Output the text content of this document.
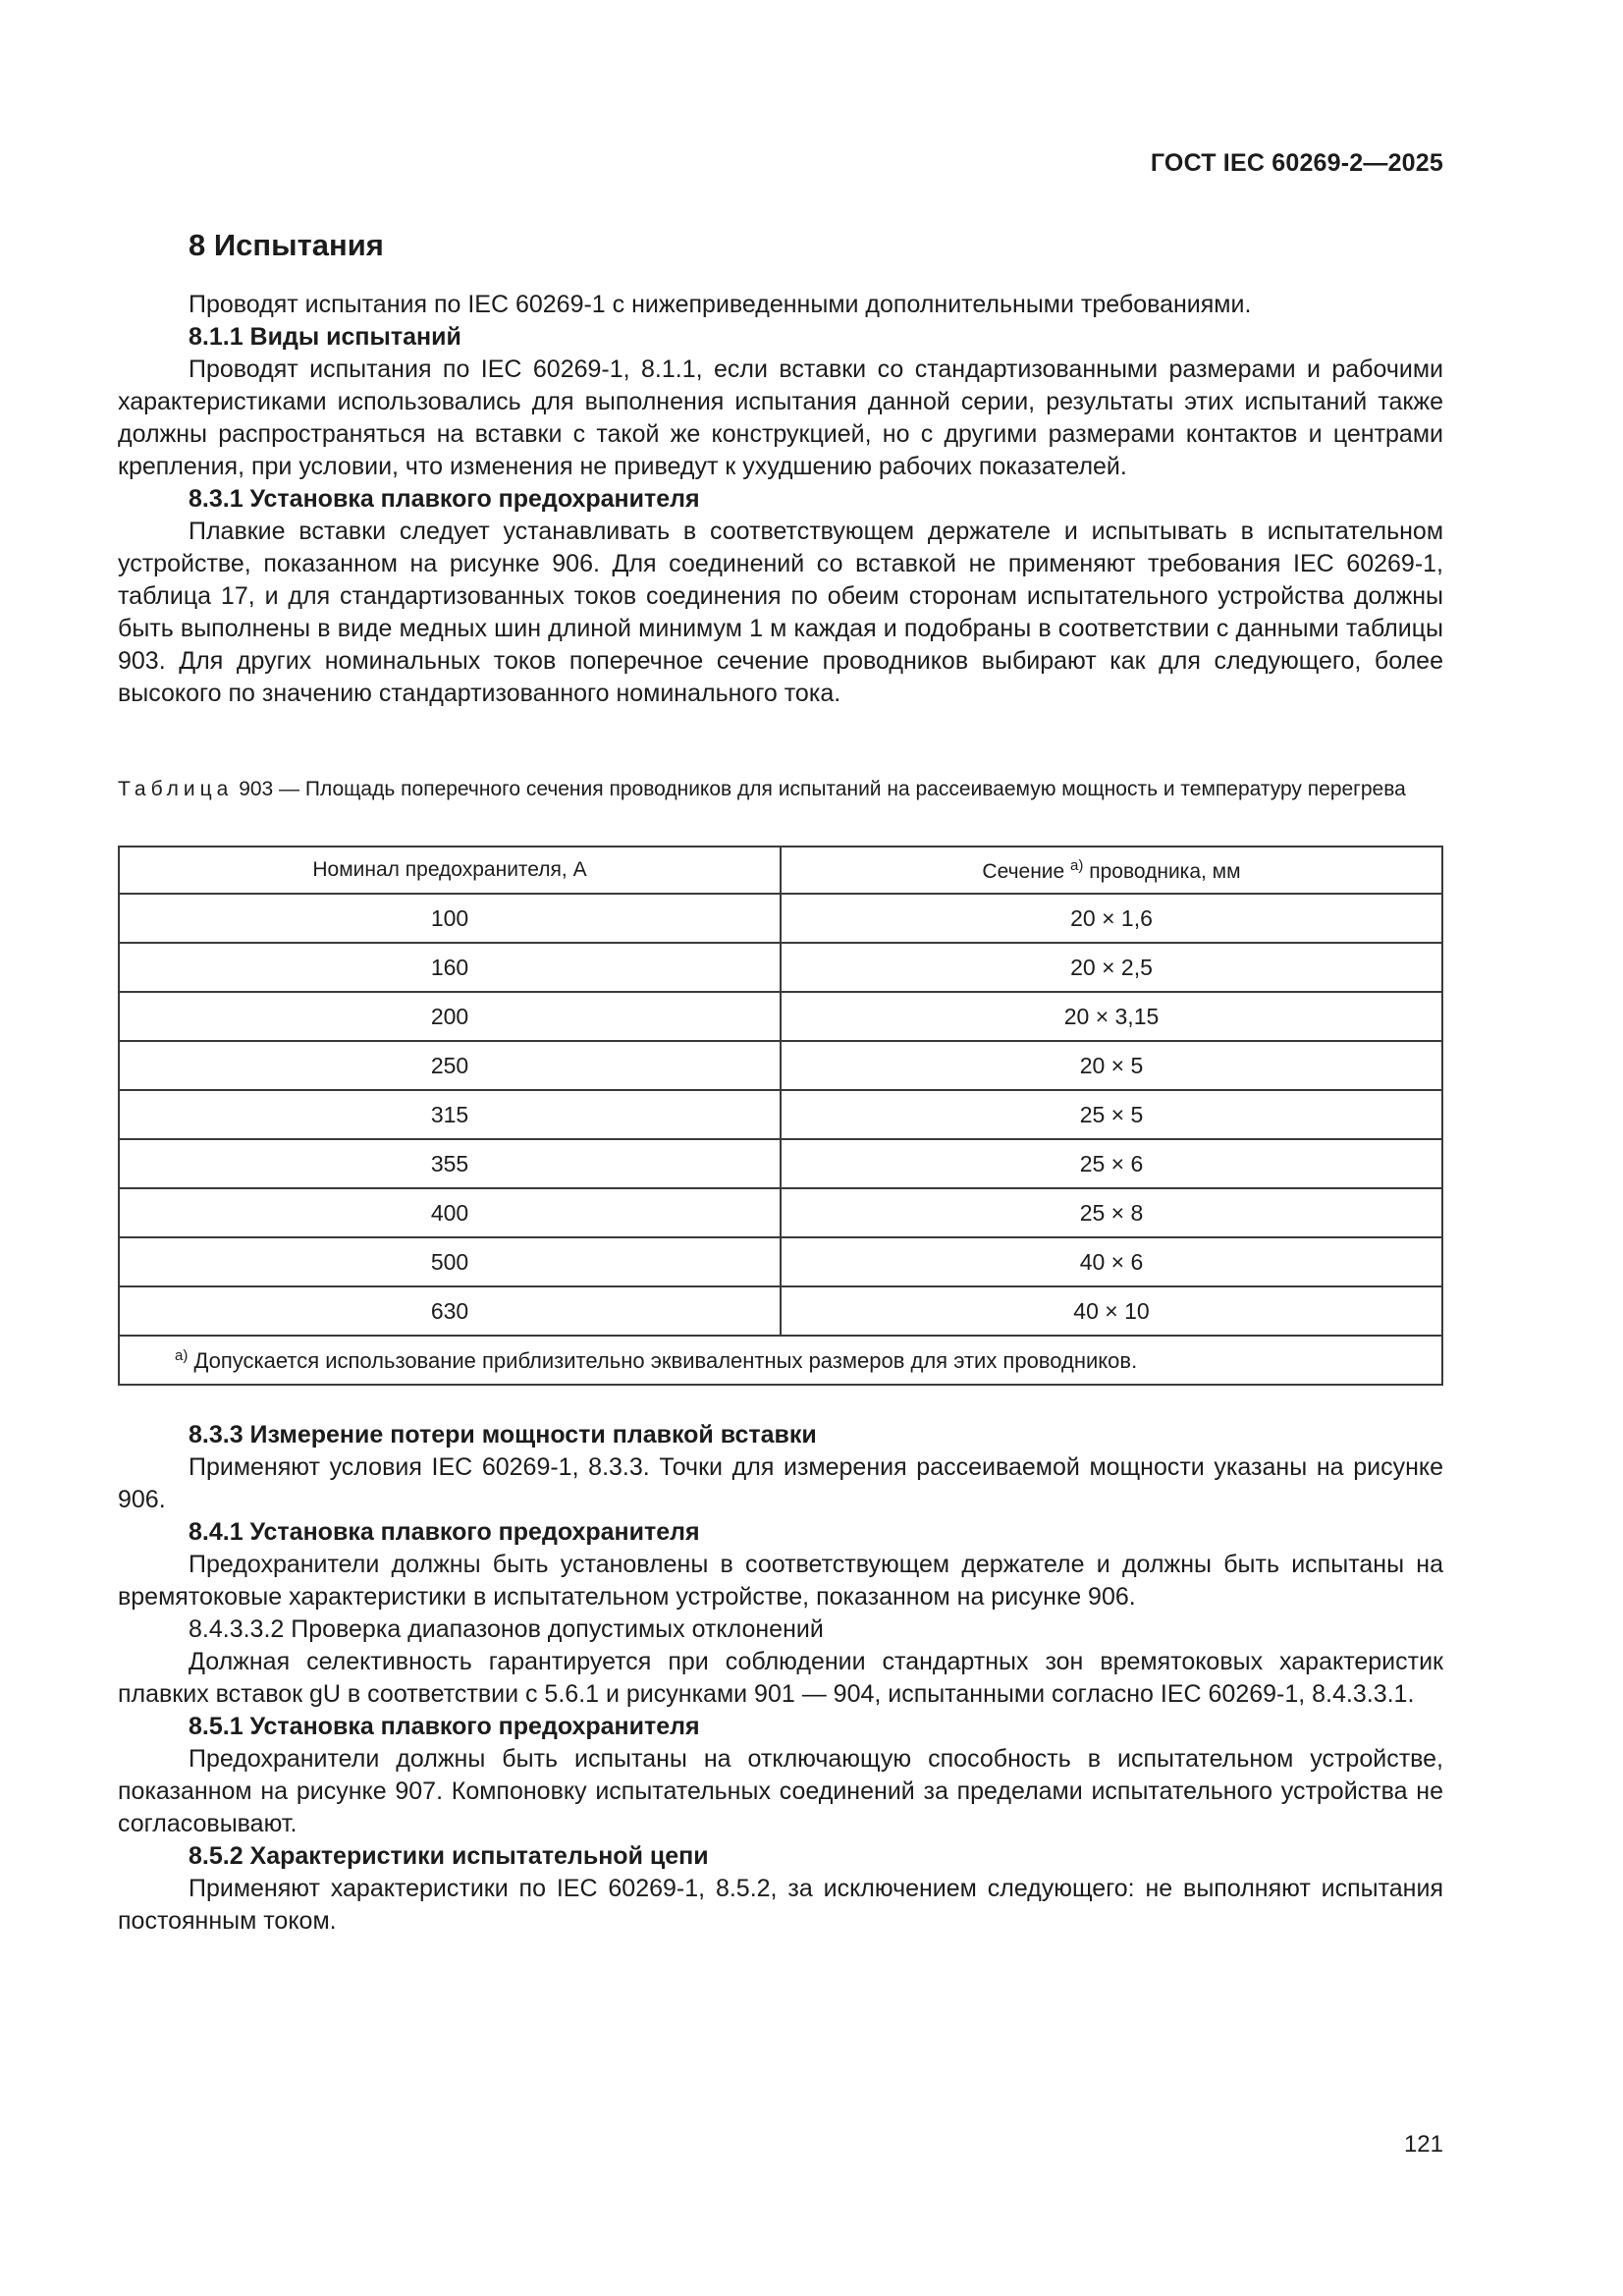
ГОСТ IEC 60269-2—2025
8 Испытания
Проводят испытания по IEC 60269-1 с нижеприведенными дополнительными требованиями.
8.1.1 Виды испытаний
Проводят испытания по IEC 60269-1, 8.1.1, если вставки со стандартизованными размерами и рабочими характеристиками использовались для выполнения испытания данной серии, результаты этих испытаний также должны распространяться на вставки с такой же конструкцией, но с другими размерами контактов и центрами крепления, при условии, что изменения не приведут к ухудшению рабочих показателей.
8.3.1 Установка плавкого предохранителя
Плавкие вставки следует устанавливать в соответствующем держателе и испытывать в испытательном устройстве, показанном на рисунке 906. Для соединений со вставкой не применяют требования IEC 60269-1, таблица 17, и для стандартизованных токов соединения по обеим сторонам испытательного устройства должны быть выполнены в виде медных шин длиной минимум 1 м каждая и подобраны в соответствии с данными таблицы 903. Для других номинальных токов поперечное сечение проводников выбирают как для следующего, более высокого по значению стандартизованного номинального тока.
Таблица 903 — Площадь поперечного сечения проводников для испытаний на рассеиваемую мощность и температуру перегрева
Номинал предохранителя, А	Сечение $^{а)}$ проводника, мм
100	20 × 1,6
160	20 × 2,5
200	20 × 3,15
250	20 × 5
315	25 × 5
355	25 × 6
400	25 × 8
500	40 × 6
630	40 × 10
$^{а)}$ Допускается использование приблизительно эквивалентных размеров для этих проводников.	
8.3.3 Измерение потери мощности плавкой вставки
Применяют условия IEC 60269-1, 8.3.3. Точки для измерения рассеиваемой мощности указаны на рисунке 906.
8.4.1 Установка плавкого предохранителя
Предохранители должны быть установлены в соответствующем держателе и должны быть испытаны на времятоковые характеристики в испытательном устройстве, показанном на рисунке 906.
8.4.3.3.2 Проверка диапазонов допустимых отклонений
Должная селективность гарантируется при соблюдении стандартных зон времятоковых характеристик плавких вставок gU в соответствии с 5.6.1 и рисунками 901 — 904, испытанными согласно IEC 60269-1, 8.4.3.3.1.
8.5.1 Установка плавкого предохранителя
Предохранители должны быть испытаны на отключающую способность в испытательном устройстве, показанном на рисунке 907. Компоновку испытательных соединений за пределами испытательного устройства не согласовывают.
8.5.2 Характеристики испытательной цепи
Применяют характеристики по IEC 60269-1, 8.5.2, за исключением следующего: не выполняют испытания постоянным током.
121
